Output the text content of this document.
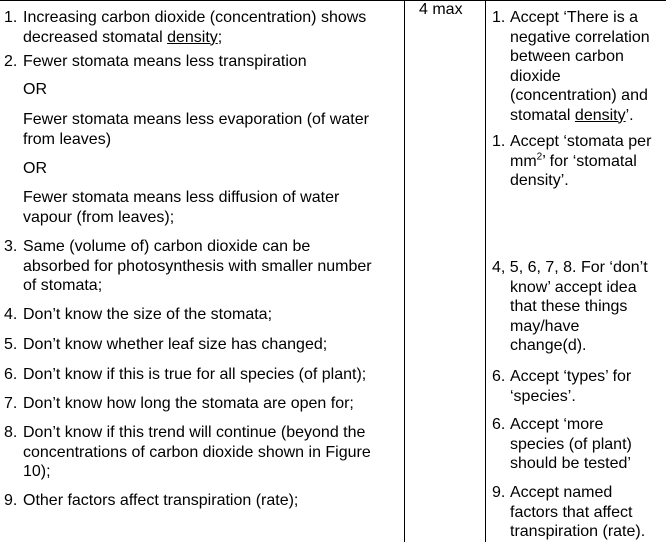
1. Increasing carbon dioxide (concentration) shows
decreased stomatal density;
2. Fewer stomata means less transpiration
OR
Fewer stomata means less evaporation (of water
from leaves)
OR
Fewer stomata means less diffusion of water
vapour (from leaves);
3. Same (volume of) carbon dioxide can be
absorbed for photosynthesis with smaller number
of stomata;
4. Don’t know the size of the stomata;
5. Don’t know whether leaf size has changed;
6. Don’t know if this is true for all species (of plant);
7. Don’t know how long the stomata are open for;
8. Don’t know if this trend will continue (beyond the
concentrations of carbon dioxide shown in Figure
10);
9. Other factors affect transpiration (rate);
4 max 1. Accept ‘There is a
negative correlation
between carbon
dioxide
(concentration) and
stomatal density’.
1. Accept ‘stomata per
$mm^2$’ for ‘stomatal
density’.
4, 5, 6, 7, 8. For ‘don’t
know’ accept idea
that these things
may/have
change(d).
6. Accept ‘types’ for
‘species’.
6. Accept ‘more
species (of plant)
should be tested’
9. Accept named
factors that affect
transpiration (rate).
